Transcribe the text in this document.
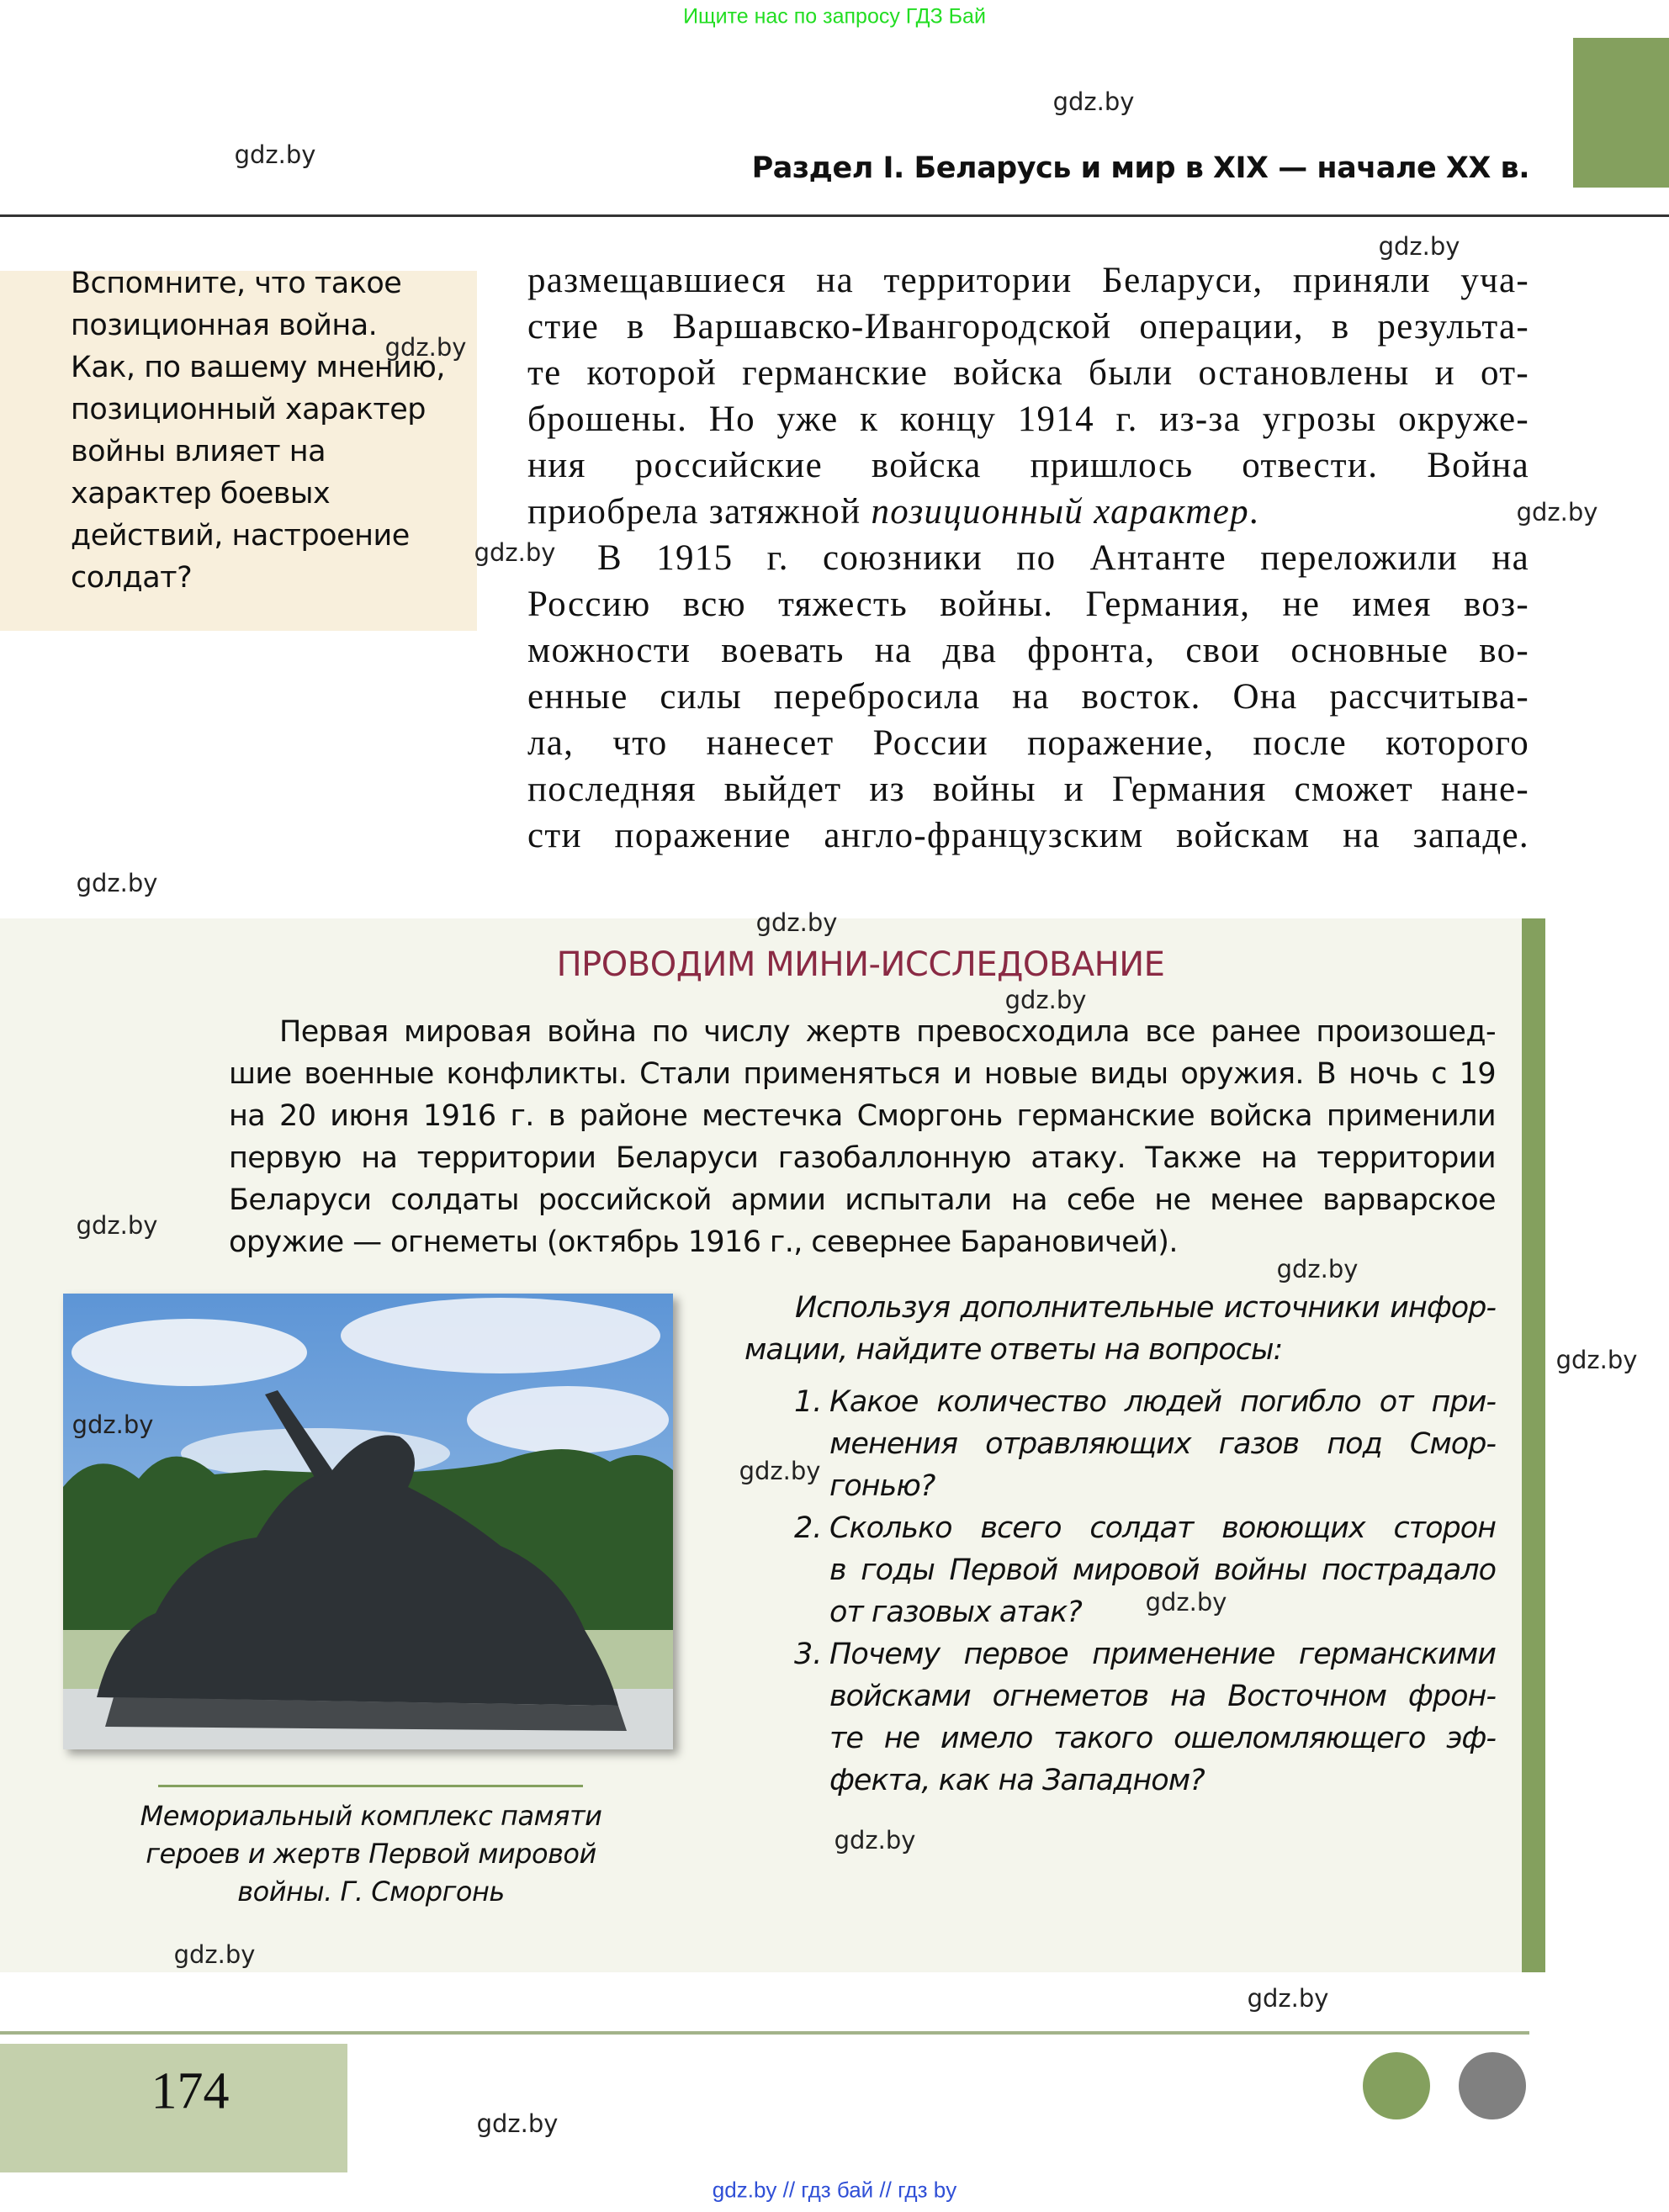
Ищите нас по запросу ГДЗ Бай
Раздел I. Беларусь и мир в XIX — начале XX в.
Вспомните, что такое
позиционная война.
Как, по вашему мнению,
позиционный характер
войны влияет на
характер боевых
действий, настроение
солдат?
размещавшиеся на территории Беларуси, приняли уча-
стие в Варшавско-Ивангородской операции, в результа-
те которой германские войска были остановлены и от-
брошены. Но уже к концу 1914 г. из-за угрозы окруже-
ния российские войска пришлось отвести. Война
приобрела затяжной позиционный характер.
В 1915 г. союзники по Антанте переложили на
Россию всю тяжесть войны. Германия, не имея воз-
можности воевать на два фронта, свои основные во-
енные силы перебросила на восток. Она рассчитыва-
ла, что нанесет России поражение, после которого
последняя выйдет из войны и Германия сможет нане-
сти поражение англо-французским войскам на западе.
ПРОВОДИМ МИНИ-ИССЛЕДОВАНИЕ
Первая мировая война по числу жертв превосходила все ранее произошед-
шие военные конфликты. Стали применяться и новые виды оружия. В ночь с 19
на 20 июня 1916 г. в районе местечка Сморгонь германские войска применили
первую на территории Беларуси газобаллонную атаку. Также на территории
Беларуси солдаты российской армии испытали на себе не менее варварское
оружие — огнеметы (октябрь 1916 г., севернее Барановичей).
Мемориальный комплекс памяти
героев и жертв Первой мировой
войны. Г. Сморгонь
Используя дополнительные источники инфор-
мации, найдите ответы на вопросы:
1. Какое количество людей погибло от при-
менения отравляющих газов под Смор-
гонью?
2. Сколько всего солдат воюющих сторон
в годы Первой мировой войны пострадало
от газовых атак?
3. Почему первое применение германскими
войсками огнеметов на Восточном фрон-
те не имело такого ошеломляющего эф-
фекта, как на Западном?
174
gdz.by // гдз бай // гдз by
gdz.by
gdz.by
gdz.by
gdz.by
gdz.by
gdz.by
gdz.by
gdz.by
gdz.by
gdz.by
gdz.by
gdz.by
gdz.by
gdz.by
gdz.by
gdz.by
gdz.by
gdz.by
gdz.by
